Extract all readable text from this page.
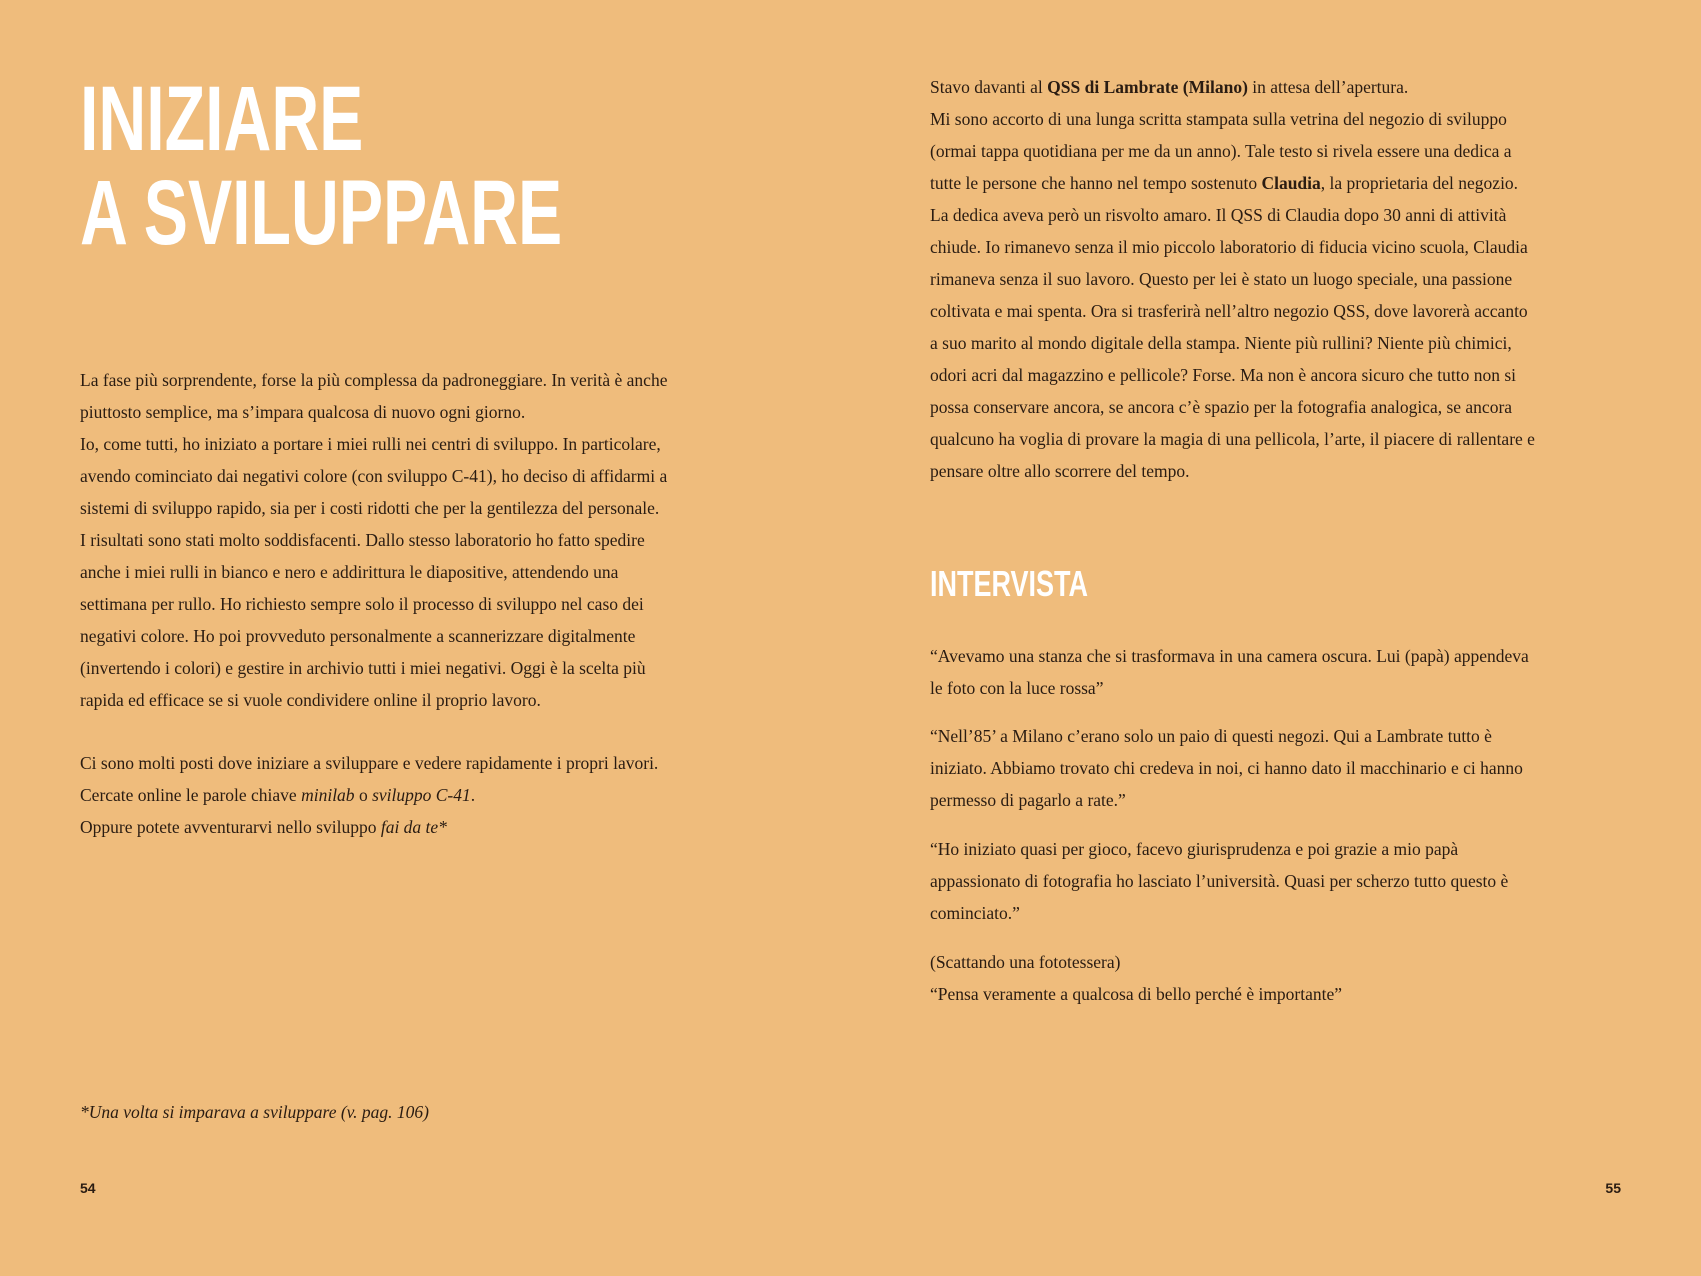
INIZIARE
A SVILUPPARE

La fase più sorprendente, forse la più complessa da padroneggiare. In verità è anche

piuttosto semplice, ma s’impara qualcosa di nuovo ogni giorno.

Io, come tutti, ho iniziato a portare i miei rulli nei centri di sviluppo. In particolare,

avendo cominciato dai negativi colore (con sviluppo C-41), ho deciso di affidarmi a

sistemi di sviluppo rapido, sia per i costi ridotti che per la gentilezza del personale.

I risultati sono stati molto soddisfacenti. Dallo stesso laboratorio ho fatto spedire

anche i miei rulli in bianco e nero e addirittura le diapositive, attendendo una

settimana per rullo. Ho richiesto sempre solo il processo di sviluppo nel caso dei

negativi colore. Ho poi provveduto personalmente a scannerizzare digitalmente

(invertendo i colori) e gestire in archivio tutti i miei negativi. Oggi è la scelta più

rapida ed efficace se si vuole condividere online il proprio lavoro.

Ci sono molti posti dove iniziare a sviluppare e vedere rapidamente i propri lavori.

Cercate online le parole chiave minilab o sviluppo C-41.

Oppure potete avventurarvi nello sviluppo fai da te*

*Una volta si imparava a sviluppare (v. pag. 106)
54

Stavo davanti al QSS di Lambrate (Milano) in attesa dell’apertura.

Mi sono accorto di una lunga scritta stampata sulla vetrina del negozio di sviluppo

(ormai tappa quotidiana per me da un anno). Tale testo si rivela essere una dedica a

tutte le persone che hanno nel tempo sostenuto Claudia, la proprietaria del negozio.

La dedica aveva però un risvolto amaro. Il QSS di Claudia dopo 30 anni di attività

chiude. Io rimanevo senza il mio piccolo laboratorio di fiducia vicino scuola, Claudia

rimaneva senza il suo lavoro. Questo per lei è stato un luogo speciale, una passione

coltivata e mai spenta. Ora si trasferirà nell’altro negozio QSS, dove lavorerà accanto

a suo marito al mondo digitale della stampa. Niente più rullini? Niente più chimici,

odori acri dal magazzino e pellicole? Forse. Ma non è ancora sicuro che tutto non si

possa conservare ancora, se ancora c’è spazio per la fotografia analogica, se ancora

qualcuno ha voglia di provare la magia di una pellicola, l’arte, il piacere di rallentare e

pensare oltre allo scorrere del tempo.

INTERVISTA

“Avevamo una stanza che si trasformava in una camera oscura. Lui (papà) appendeva

le foto con la luce rossa”

“Nell’85’ a Milano c’erano solo un paio di questi negozi. Qui a Lambrate tutto è

iniziato. Abbiamo trovato chi credeva in noi, ci hanno dato il macchinario e ci hanno

permesso di pagarlo a rate.”

“Ho iniziato quasi per gioco, facevo giurisprudenza e poi grazie a mio papà

appassionato di fotografia ho lasciato l’università. Quasi per scherzo tutto questo è

cominciato.”

(Scattando una fototessera)

“Pensa veramente a qualcosa di bello perché è importante”

55
